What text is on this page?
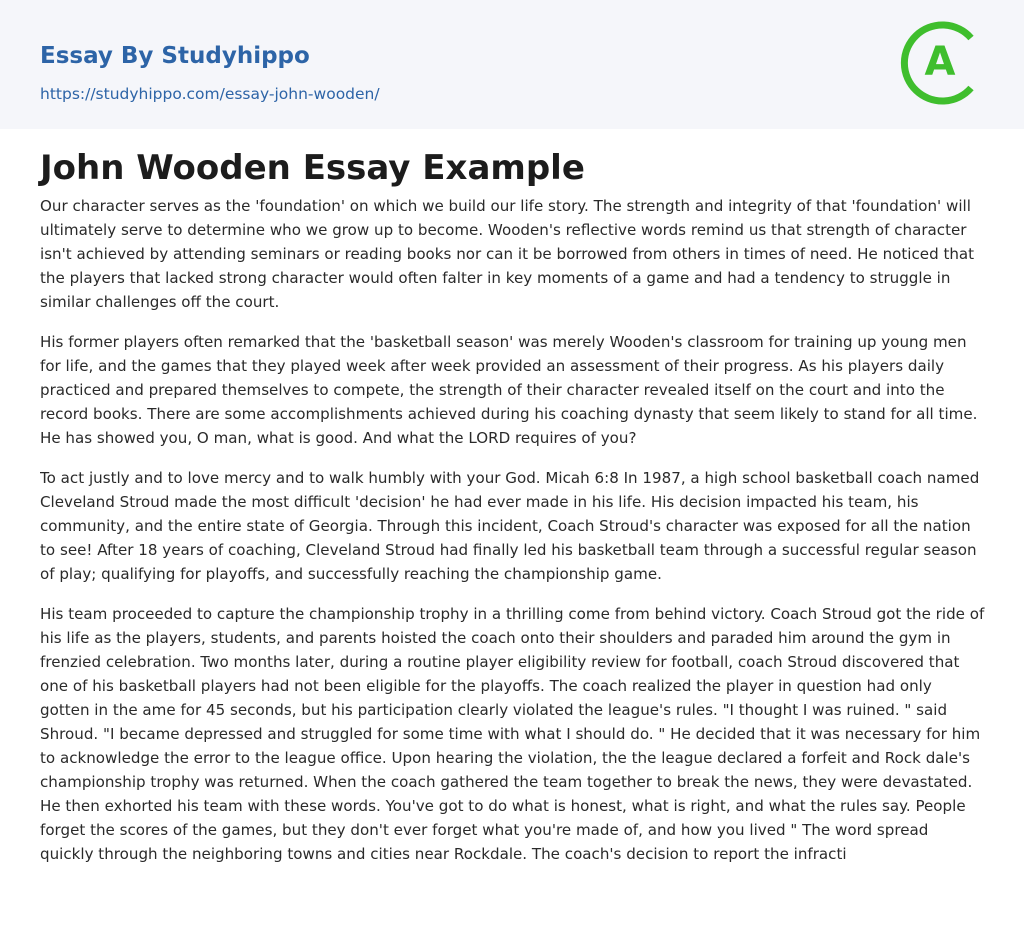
Essay By Studyhippo
https://studyhippo.com/essay-john-wooden/
A
John Wooden Essay Example

Our character serves as the 'foundation' on which we build our life story. The strength and integrity of that 'foundation' will ultimately serve to determine who we grow up to become. Wooden's reflective words remind us that strength of character isn't achieved by attending seminars or reading books nor can it be borrowed from others in times of need. He noticed that the players that lacked strong character would often falter in key moments of a game and had a tendency to struggle in similar challenges off the court.

His former players often remarked that the 'basketball season' was merely Wooden's classroom for training up young men for life, and the games that they played week after week provided an assessment of their progress. As his players daily practiced and prepared themselves to compete, the strength of their character revealed itself on the court and into the record books. There are some accomplishments achieved during his coaching dynasty that seem likely to stand for all time. He has showed you, O man, what is good. And what the LORD requires of you?

To act justly and to love mercy and to walk humbly with your God. Micah 6:8 In 1987, a high school basketball coach named Cleveland Stroud made the most difficult 'decision' he had ever made in his life. His decision impacted his team, his community, and the entire state of Georgia. Through this incident, Coach Stroud's character was exposed for all the nation to see! After 18 years of coaching, Cleveland Stroud had finally led his basketball team through a successful regular season of play; qualifying for playoffs, and successfully reaching the championship game.

His team proceeded to capture the championship trophy in a thrilling come from behind victory. Coach Stroud got the ride of his life as the players, students, and parents hoisted the coach onto their shoulders and paraded him around the gym in frenzied celebration. Two months later, during a routine player eligibility review for football, coach Stroud discovered that one of his basketball players had not been eligible for the playoffs. The coach realized the player in question had only gotten in the ame for 45 seconds, but his participation clearly violated the league's rules. "I thought I was ruined. " said Shroud. "I became depressed and struggled for some time with what I should do. " He decided that it was necessary for him to acknowledge the error to the league office. Upon hearing the violation, the the league declared a forfeit and Rock dale's championship trophy was returned. When the coach gathered the team together to break the news, they were devastated. He then exhorted his team with these words. You've got to do what is honest, what is right, and what the rules say. People forget the scores of the games, but they don't ever forget what you're made of, and how you lived " The word spread quickly through the neighboring towns and cities near Rockdale. The coach's decision to report the infracti
